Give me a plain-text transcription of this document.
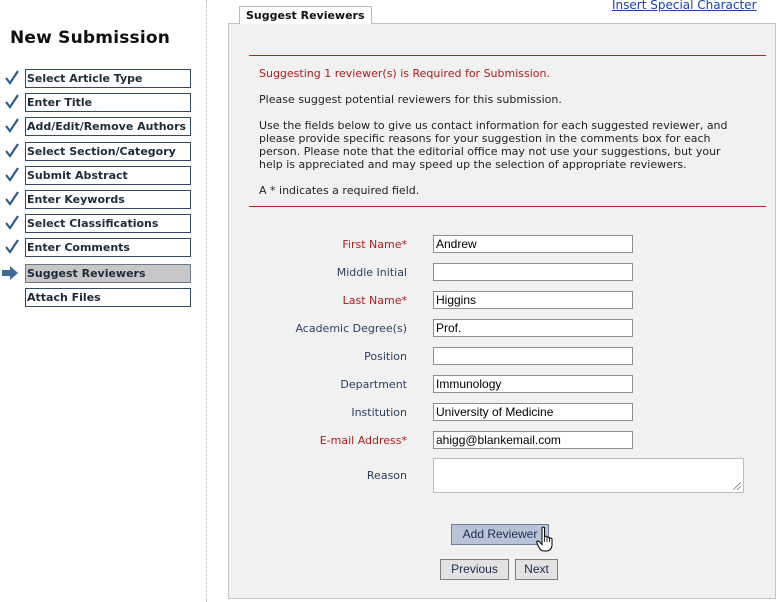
New Submission
Select Article Type
Enter Title
Add/Edit/Remove Authors
Select Section/Category
Submit Abstract
Enter Keywords
Select Classifications
Enter Comments
Suggest Reviewers
Attach Files
Suggest Reviewers
Insert Special Character
Suggesting 1 reviewer(s) is Required for Submission.
Please suggest potential reviewers for this submission.
Use the fields below to give us contact information for each suggested reviewer, and
please provide specific reasons for your suggestion in the comments box for each
person. Please note that the editorial office may not use your suggestions, but your
help is appreciated and may speed up the selection of appropriate reviewers.
A * indicates a required field.
First Name* Andrew
Middle Initial
Last Name* Higgins
Academic Degree(s) Prof.
Position
Department Immunology
Institution University of Medicine
E-mail Address* ahigg@blankemail.com
Reason
Add Reviewer
Previous	Next
